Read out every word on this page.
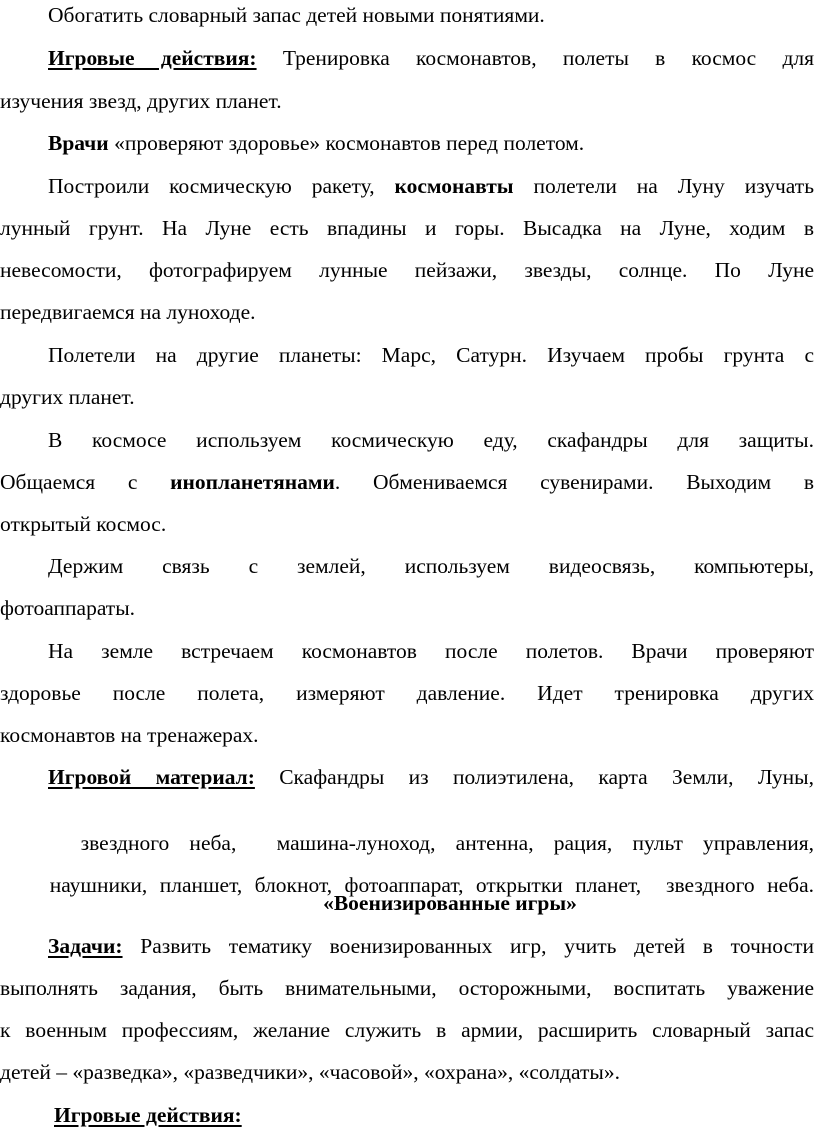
Обогатить словарный запас детей новыми понятиями.
Игровые действия: Тренировка космонавтов, полеты в космос для
изучения звезд, других планет.
Врачи «проверяют здоровье» космонавтов перед полетом.
Построили космическую ракету, космонавты полетели на Луну изучать
лунный грунт. На Луне есть впадины и горы. Высадка на Луне, ходим в
невесомости, фотографируем лунные пейзажи, звезды, солнце. По Луне
передвигаемся на луноходе.
Полетели на другие планеты: Марс, Сатурн. Изучаем пробы грунта с
других планет.
В космосе используем космическую еду, скафандры для защиты.
Общаемся с инопланетянами. Обмениваемся сувенирами. Выходим в
открытый космос.
Держим связь с землей, используем видеосвязь, компьютеры,
фотоаппараты.
На земле встречаем космонавтов после полетов. Врачи проверяют
здоровье после полета, измеряют давление. Идет тренировка других
космонавтов на тренажерах.
Игровой материал: Скафандры из полиэтилена, карта Земли, Луны,

звездного неба,  машина-луноход, антенна, рация, пульт управления,

наушники, планшет, блокнот, фотоаппарат, открытки планет,  звездного неба.

«Военизированные игры»
Задачи: Развить тематику военизированных игр, учить детей в точности
выполнять задания, быть внимательными, осторожными, воспитать уважение
к военным профессиям, желание служить в армии, расширить словарный запас
детей – «разведка», «разведчики», «часовой», «охрана», «солдаты».
Игровые действия:
